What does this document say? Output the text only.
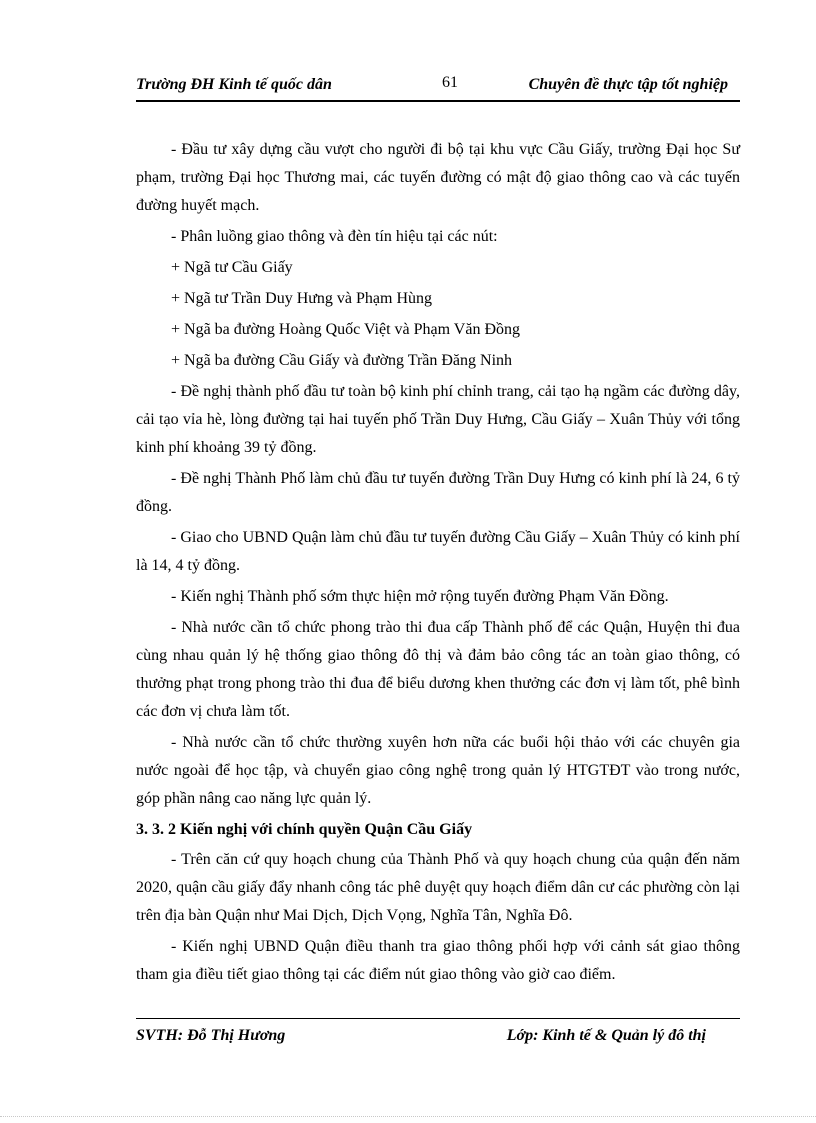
Trường ĐH Kinh tế quốc dân	61	Chuyên đề thực tập tốt nghiệp

- Đầu tư xây dựng cầu vượt cho người đi bộ tại khu vực Cầu Giấy, trường Đại học Sư phạm, trường Đại học Thương mai, các tuyến đường có mật độ giao thông cao và các tuyến đường huyết mạch.

- Phân luồng giao thông và đèn tín hiệu tại các nút:

+ Ngã tư Cầu Giấy

+ Ngã tư Trần Duy Hưng và Phạm Hùng

+ Ngã ba đường Hoàng Quốc Việt và Phạm Văn Đồng

+ Ngã ba đường Cầu Giấy và đường Trần Đăng Ninh

- Đề nghị thành phố đầu tư toàn bộ kinh phí chỉnh trang, cải tạo hạ ngầm các đường dây, cải tạo vỉa hè, lòng đường tại hai tuyến phố Trần Duy Hưng, Cầu Giấy – Xuân Thủy với tổng kinh phí khoảng 39 tỷ đồng.

- Đề nghị Thành Phố làm chủ đầu tư tuyến đường Trần Duy Hưng có kinh phí là 24, 6 tỷ đồng.

- Giao cho UBND Quận làm chủ đầu tư tuyến đường Cầu Giấy – Xuân Thủy có kinh phí là 14, 4 tỷ đồng.

- Kiến nghị Thành phố sớm thực hiện mở rộng tuyến đường Phạm Văn Đồng.

- Nhà nước cần tổ chức phong trào thi đua cấp Thành phố để các Quận, Huyện thi đua cùng nhau quản lý hệ thống giao thông đô thị và đảm bảo công tác an toàn giao thông, có thưởng phạt trong phong trào thi đua để biểu dương khen thưởng các đơn vị làm tốt, phê bình các đơn vị chưa làm tốt.

- Nhà nước cần tổ chức thường xuyên hơn nữa các buổi hội thảo với các chuyên gia nước ngoài để học tập, và chuyển giao công nghệ trong quản lý HTGTĐT vào trong nước, góp phần nâng cao năng lực quản lý.

3. 3. 2 Kiến nghị với chính quyền Quận Cầu Giấy

- Trên căn cứ quy hoạch chung của Thành Phố và quy hoạch chung của quận đến năm 2020, quận cầu giấy đẩy nhanh công tác phê duyệt quy hoạch điểm dân cư các phường còn lại trên địa bàn Quận như Mai Dịch, Dịch Vọng, Nghĩa Tân, Nghĩa Đô.

- Kiến nghị UBND Quận điều thanh tra giao thông phối hợp với cảnh sát giao thông tham gia điều tiết giao thông tại các điểm nút giao thông vào giờ cao điểm.

SVTH: Đỗ Thị Hương	Lớp: Kinh tế & Quản lý đô thị
